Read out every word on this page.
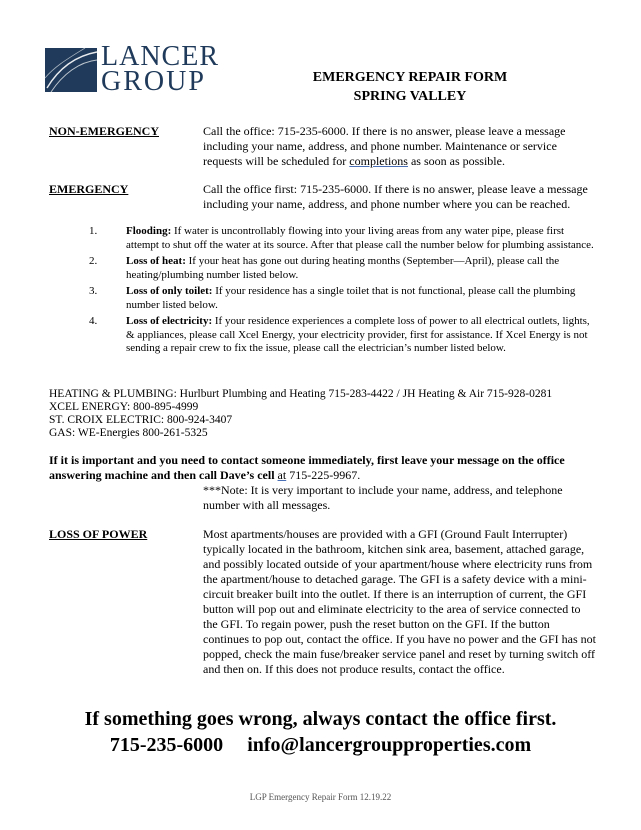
LANCER
GROUP	EMERGENCY REPAIR FORM
SPRING VALLEY
NON-EMERGENCY	Call the office: 715-235-6000. If there is no answer, please leave a message including your name, address, and phone number. Maintenance or service requests will be scheduled for completions as soon as possible.
EMERGENCY	Call the office first: 715-235-6000. If there is no answer, please leave a message including your name, address, and phone number where you can be reached.
1.	Flooding: If water is uncontrollably flowing into your living areas from any water pipe, please first attempt to shut off the water at its source. After that please call the number below for plumbing assistance.
2.	Loss of heat: If your heat has gone out during heating months (September—April), please call the heating/plumbing number listed below.
3.	Loss of only toilet: If your residence has a single toilet that is not functional, please call the plumbing number listed below.
4.	Loss of electricity: If your residence experiences a complete loss of power to all electrical outlets, lights, & appliances, please call Xcel Energy, your electricity provider, first for assistance. If Xcel Energy is not sending a repair crew to fix the issue, please call the electrician’s number listed below.
HEATING & PLUMBING: Hurlburt Plumbing and Heating 715-283-4422 / JH Heating & Air 715-928-0281
XCEL ENERGY: 800-895-4999
ST. CROIX ELECTRIC: 800-924-3407
GAS: WE-Energies 800-261-5325
If it is important and you need to contact someone immediately, first leave your message on the office answering machine and then call Dave’s cell at 715-225-9967.
***Note: It is very important to include your name, address, and telephone number with all messages.
LOSS OF POWER	Most apartments/houses are provided with a GFI (Ground Fault Interrupter) typically located in the bathroom, kitchen sink area, basement, attached garage, and possibly located outside of your apartment/house where electricity runs from the apartment/house to detached garage. The GFI is a safety device with a mini-circuit breaker built into the outlet. If there is an interruption of current, the GFI button will pop out and eliminate electricity to the area of service connected to the GFI. To regain power, push the reset button on the GFI. If the button continues to pop out, contact the office. If you have no power and the GFI has not popped, check the main fuse/breaker service panel and reset by turning switch off and then on. If this does not produce results, contact the office.
If something goes wrong, always contact the office first.
715-235-6000 info@lancergroupproperties.com
LGP Emergency Repair Form 12.19.22
